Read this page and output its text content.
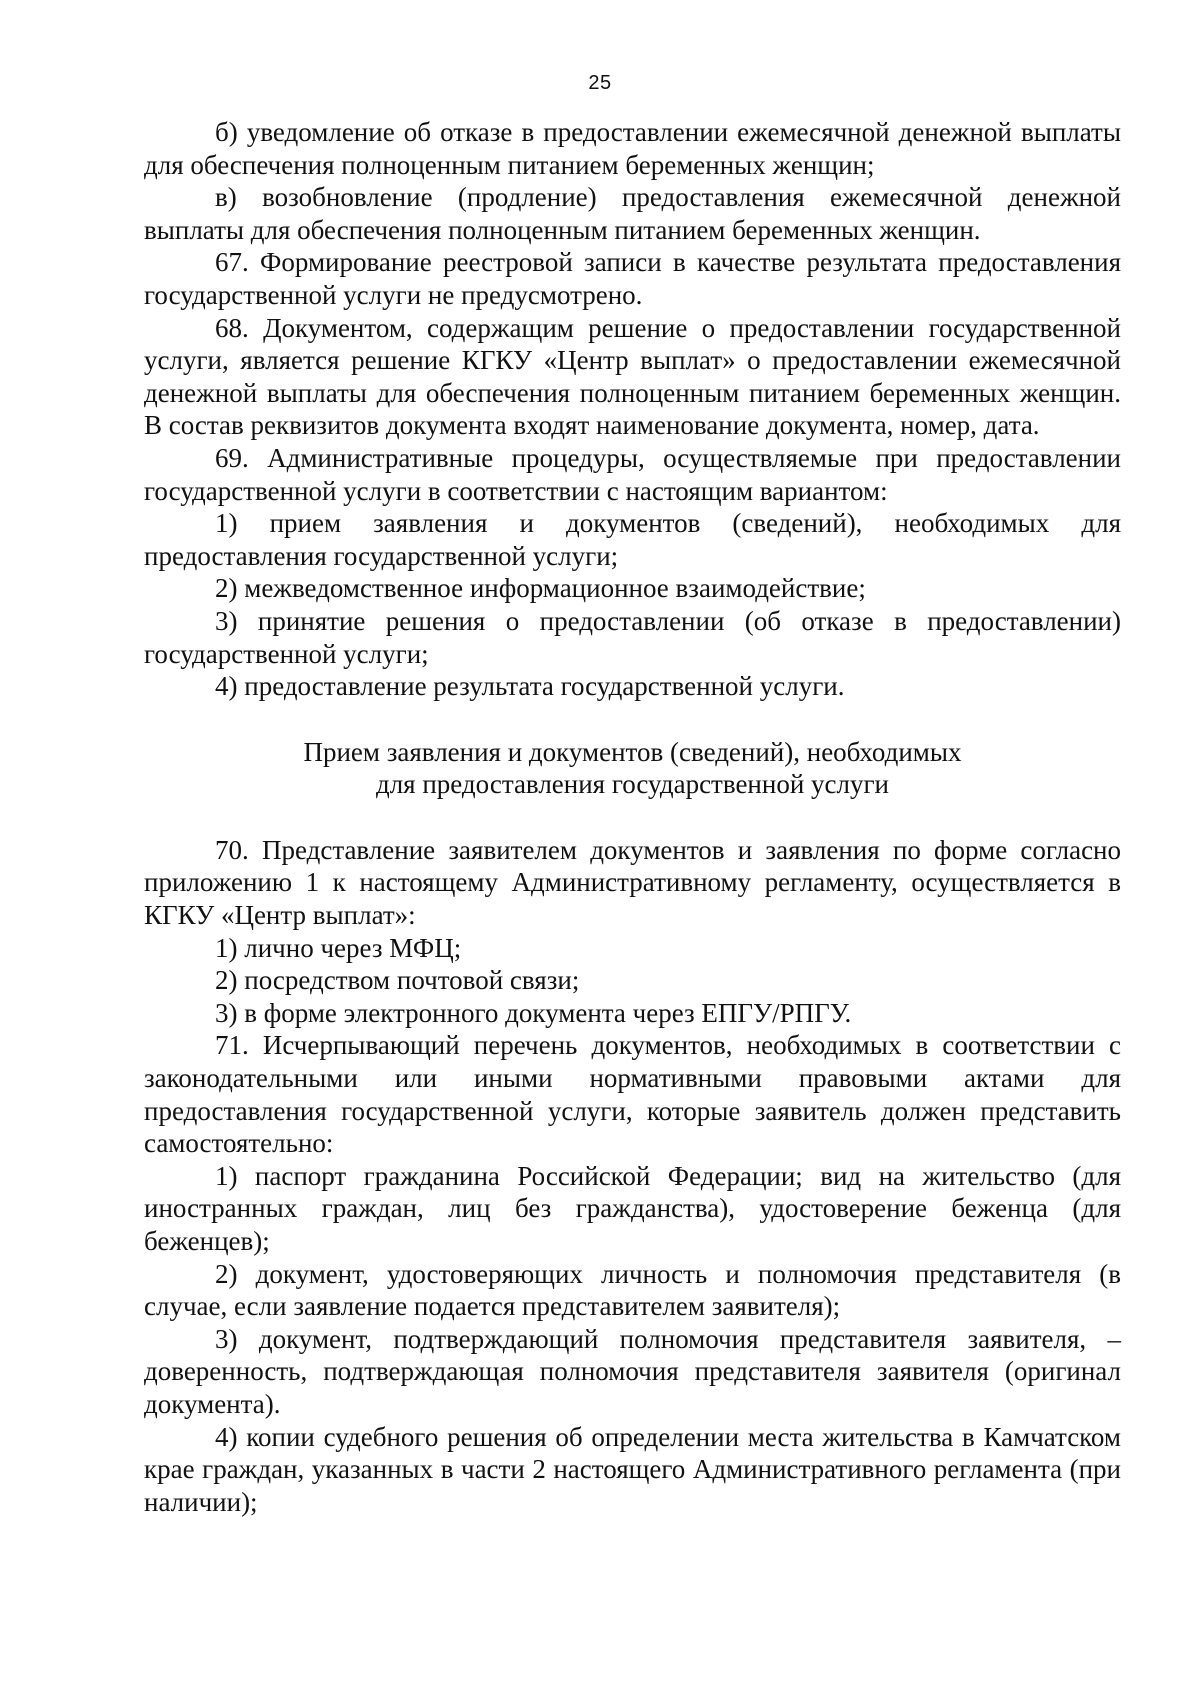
25

б) уведомление об отказе в предоставлении ежемесячной денежной выплаты для обеспечения полноценным питанием беременных женщин;

в) возобновление (продление) предоставления ежемесячной денежной выплаты для обеспечения полноценным питанием беременных женщин.

67. Формирование реестровой записи в качестве результата предоставления государственной услуги не предусмотрено.

68. Документом, содержащим решение о предоставлении государственной услуги, является решение КГКУ «Центр выплат» о предоставлении ежемесячной денежной выплаты для обеспечения полноценным питанием беременных женщин. В состав реквизитов документа входят наименование документа, номер, дата.

69. Административные процедуры, осуществляемые при предоставлении государственной услуги в соответствии с настоящим вариантом:

1) прием заявления и документов (сведений), необходимых для предоставления государственной услуги;

2) межведомственное информационное взаимодействие;

3) принятие решения о предоставлении (об отказе в предоставлении) государственной услуги;

4) предоставление результата государственной услуги.

Прием заявления и документов (сведений), необходимых
для предоставления государственной услуги

70. Представление заявителем документов и заявления по форме согласно приложению 1 к настоящему Административному регламенту, осуществляется в КГКУ «Центр выплат»:

1) лично через МФЦ;

2) посредством почтовой связи;

3) в форме электронного документа через ЕПГУ/РПГУ.

71. Исчерпывающий перечень документов, необходимых в соответствии с законодательными или иными нормативными правовыми актами для предоставления государственной услуги, которые заявитель должен представить самостоятельно:

1) паспорт гражданина Российской Федерации; вид на жительство (для иностранных граждан, лиц без гражданства), удостоверение беженца (для беженцев);

2) документ, удостоверяющих личность и полномочия представителя (в случае, если заявление подается представителем заявителя);

3) документ, подтверждающий полномочия представителя заявителя, – доверенность, подтверждающая полномочия представителя заявителя (оригинал документа).

4) копии судебного решения об определении места жительства в Камчатском крае граждан, указанных в части 2 настоящего Административного регламента (при наличии);
